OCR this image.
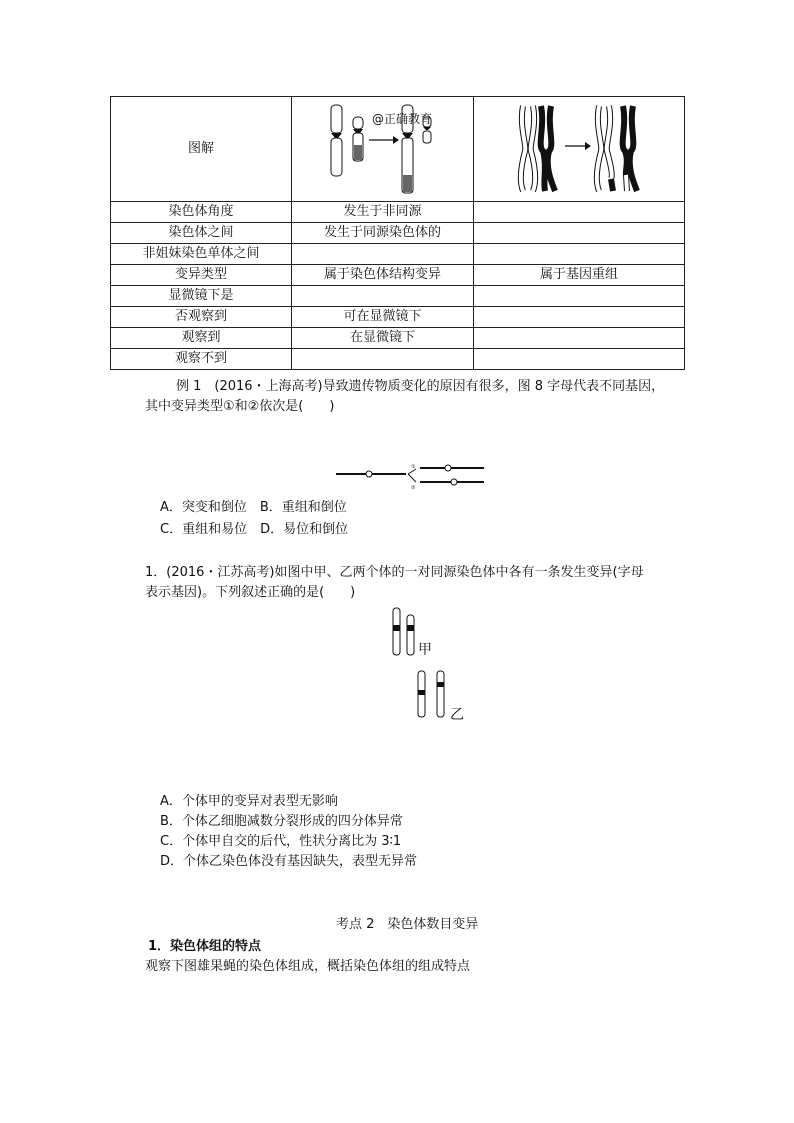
图解		
染色体角度	发生于非同源	
染色体之间	发生于同源染色体的	
非姐妹染色单体之间		
变异类型	属于染色体结构变异	属于基因重组
显微镜下是		
否观察到	可在显微镜下	
观察到	在显微镜下	
观察不到		
@正确教育
例 1　(2016・上海高考)导致遗传物质变化的原因有很多，图 8 字母代表不同基因，
其中变异类型①和②依次是(　　)
①
②
A．突变和倒位　B．重组和倒位
C．重组和易位　D．易位和倒位
1．(2016・江苏高考)如图中甲、乙两个体的一对同源染色体中各有一条发生变异(字母
表示基因)。下列叙述正确的是(　　)
甲
乙
A．个体甲的变异对表型无影响
B．个体乙细胞减数分裂形成的四分体异常
C．个体甲自交的后代，性状分离比为 3∶1
D．个体乙染色体没有基因缺失，表型无异常
考点 2　染色体数目变异
1．染色体组的特点
观察下图雄果蝇的染色体组成，概括染色体组的组成特点
